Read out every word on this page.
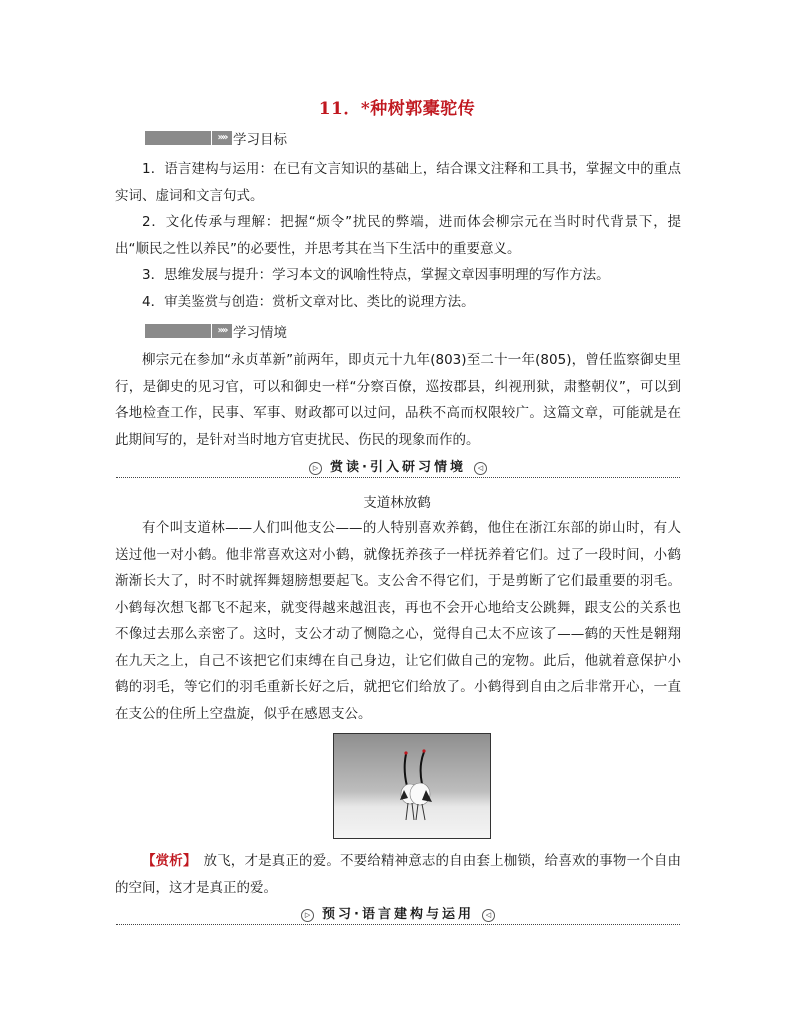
11．*种树郭橐驼传
»» 学习目标

1．语言建构与运用：在已有文言知识的基础上，结合课文注释和工具书，掌握文中的重点实词、虚词和文言句式。

2．文化传承与理解：把握“烦令”扰民的弊端，进而体会柳宗元在当时时代背景下，提出“顺民之性以养民”的必要性，并思考其在当下生活中的重要意义。

3．思维发展与提升：学习本文的讽喻性特点，掌握文章因事明理的写作方法。

4．审美鉴赏与创造：赏析文章对比、类比的说理方法。

»» 学习情境

柳宗元在参加“永贞革新”前两年，即贞元十九年(803)至二十一年(805)，曾任监察御史里行，是御史的见习官，可以和御史一样“分察百僚，巡按郡县，纠视刑狱，肃整朝仪”，可以到各地检查工作，民事、军事、财政都可以过问，品秩不高而权限较广。这篇文章，可能就是在此期间写的，是针对当时地方官吏扰民、伤民的现象而作的。

▷ 赏读·引入研习情境 ◁
支道林放鹤

有个叫支道林——人们叫他支公——的人特别喜欢养鹤，他住在浙江东部的峁山时，有人送过他一对小鹤。他非常喜欢这对小鹤，就像抚养孩子一样抚养着它们。过了一段时间，小鹤渐渐长大了，时不时就挥舞翅膀想要起飞。支公舍不得它们，于是剪断了它们最重要的羽毛。小鹤每次想飞都飞不起来，就变得越来越沮丧，再也不会开心地给支公跳舞，跟支公的关系也不像过去那么亲密了。这时，支公才动了恻隐之心，觉得自己太不应该了——鹤的天性是翱翔在九天之上，自己不该把它们束缚在自己身边，让它们做自己的宠物。此后，他就着意保护小鹤的羽毛，等它们的羽毛重新长好之后，就把它们给放了。小鹤得到自由之后非常开心，一直在支公的住所上空盘旋，似乎在感恩支公。

【赏析】　 放飞，才是真正的爱。不要给精神意志的自由套上枷锁，给喜欢的事物一个自由的空间，这才是真正的爱。

▷ 预习·语言建构与运用 ◁
